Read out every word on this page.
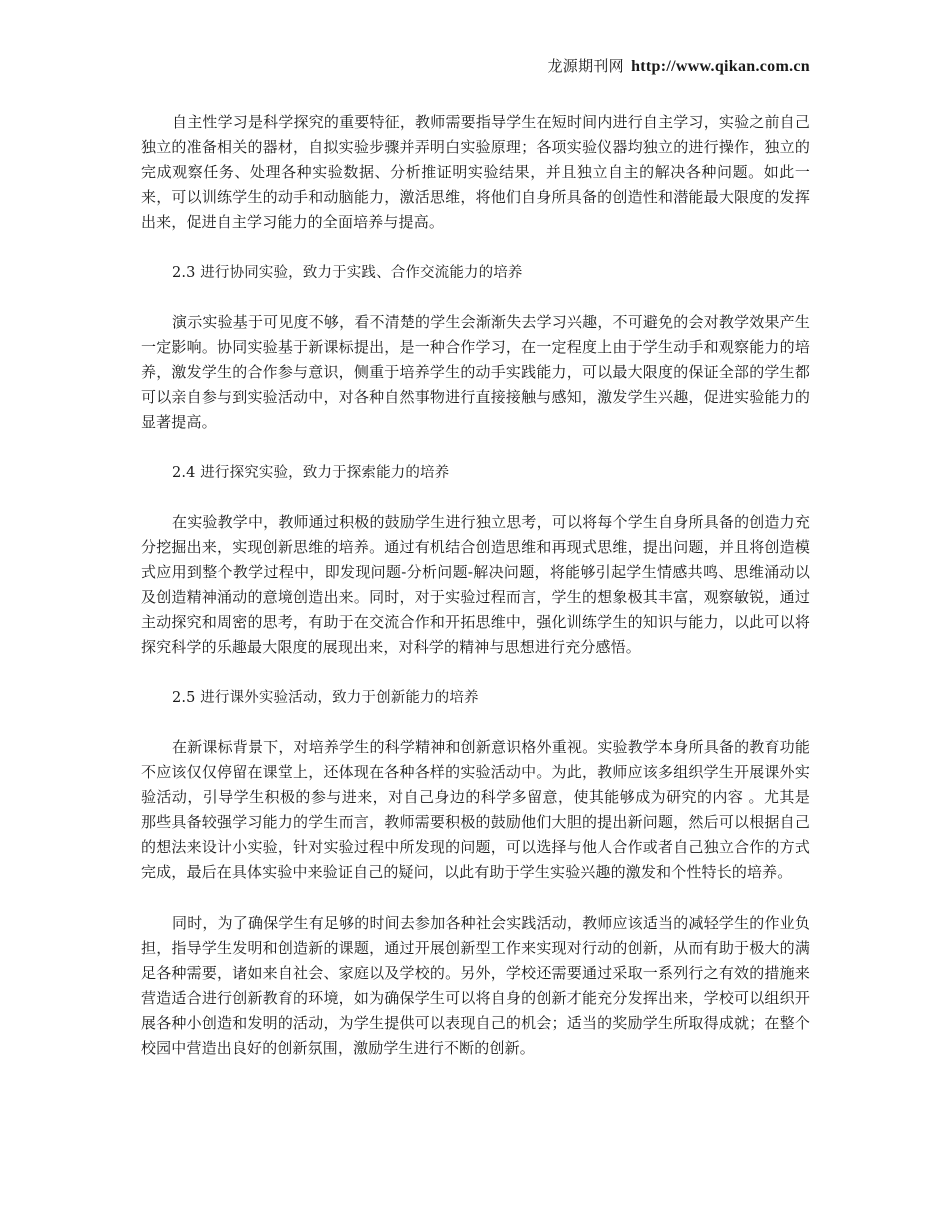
龙源期刊网 http://www.qikan.com.cn

自主性学习是科学探究的重要特征，教师需要指导学生在短时间内进行自主学习，实验之前自己独立的准备相关的器材，自拟实验步骤并弄明白实验原理；各项实验仪器均独立的进行操作，独立的完成观察任务、处理各种实验数据、分析推证明实验结果，并且独立自主的解决各种问题。如此一来，可以训练学生的动手和动脑能力，激活思维，将他们自身所具备的创造性和潜能最大限度的发挥出来，促进自主学习能力的全面培养与提高。

2.3 进行协同实验，致力于实践、合作交流能力的培养

演示实验基于可见度不够，看不清楚的学生会渐渐失去学习兴趣，不可避免的会对教学效果产生一定影响。协同实验基于新课标提出，是一种合作学习，在一定程度上由于学生动手和观察能力的培养，激发学生的合作参与意识，侧重于培养学生的动手实践能力，可以最大限度的保证全部的学生都可以亲自参与到实验活动中，对各种自然事物进行直接接触与感知，激发学生兴趣，促进实验能力的显著提高。

2.4 进行探究实验，致力于探索能力的培养

在实验教学中，教师通过积极的鼓励学生进行独立思考，可以将每个学生自身所具备的创造力充分挖掘出来，实现创新思维的培养。通过有机结合创造思维和再现式思维，提出问题，并且将创造模式应用到整个教学过程中，即发现问题-分析问题-解决问题，将能够引起学生情感共鸣、思维涌动以及创造精神涌动的意境创造出来。同时，对于实验过程而言，学生的想象极其丰富，观察敏锐，通过主动探究和周密的思考，有助于在交流合作和开拓思维中，强化训练学生的知识与能力，以此可以将探究科学的乐趣最大限度的展现出来，对科学的精神与思想进行充分感悟。

2.5 进行课外实验活动，致力于创新能力的培养

在新课标背景下，对培养学生的科学精神和创新意识格外重视。实验教学本身所具备的教育功能不应该仅仅停留在课堂上，还体现在各种各样的实验活动中。为此，教师应该多组织学生开展课外实验活动，引导学生积极的参与进来，对自己身边的科学多留意，使其能够成为研究的内容 。尤其是那些具备较强学习能力的学生而言，教师需要积极的鼓励他们大胆的提出新问题，然后可以根据自己的想法来设计小实验，针对实验过程中所发现的问题，可以选择与他人合作或者自己独立合作的方式完成，最后在具体实验中来验证自己的疑问，以此有助于学生实验兴趣的激发和个性特长的培养。

同时，为了确保学生有足够的时间去参加各种社会实践活动，教师应该适当的减轻学生的作业负担，指导学生发明和创造新的课题，通过开展创新型工作来实现对行动的创新，从而有助于极大的满足各种需要，诸如来自社会、家庭以及学校的。另外，学校还需要通过采取一系列行之有效的措施来营造适合进行创新教育的环境，如为确保学生可以将自身的创新才能充分发挥出来，学校可以组织开展各种小创造和发明的活动，为学生提供可以表现自己的机会；适当的奖励学生所取得成就；在整个校园中营造出良好的创新氛围，激励学生进行不断的创新。
